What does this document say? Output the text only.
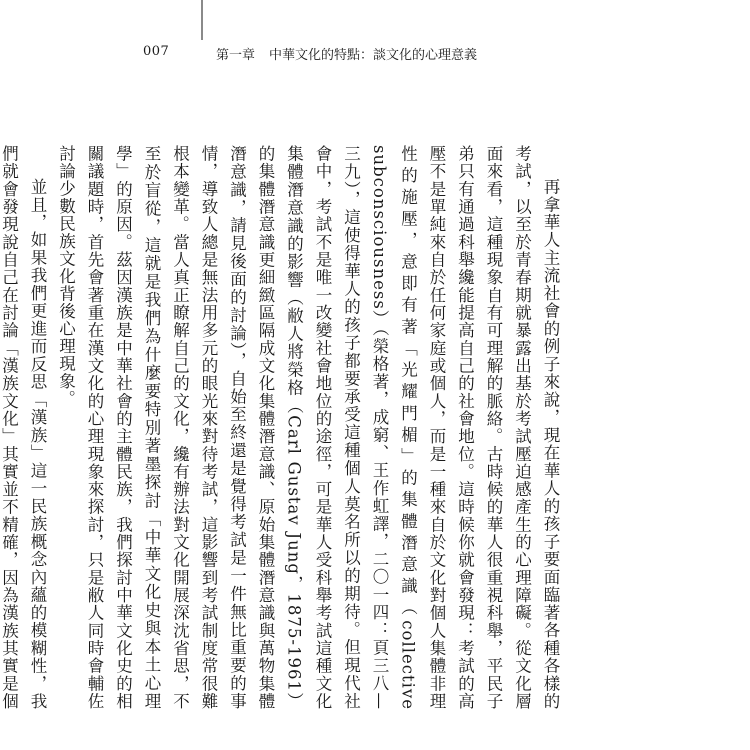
007	第一章 中華文化的特點：談文化的心理意義

再拿華人主流社會的例子來說，現在華人的孩子要面臨著各種各樣的考試，以至於青春期就暴露出基於考試壓迫感產生的心理障礙。從文化層面來看，這種現象自有可理解的脈絡。古時候的華人很重視科舉，平民子弟只有通過科舉纔能提高自己的社會地位。這時候你就會發現：考試的高壓不是單純來自於任何家庭或個人，而是一種來自於文化對個人集體非理性的施壓，意即有著「光耀門楣」的集體潛意識（collective subconsciousness）（榮格著，成窮、王作虹譯，二〇一四：頁三八—三九），這使得華人的孩子都要承受這種個人莫名所以的期待。但現代社會中，考試不是唯一改變社會地位的途徑，可是華人受科舉考試這種文化集體潛意識的影響（敝人將榮格（Carl Gustav Jung，1875-1961）的集體潛意識更細緻區隔成文化集體潛意識、原始集體潛意識與萬物集體潛意識，請見後面的討論），自始至終還是覺得考試是一件無比重要的事情，導致人總是無法用多元的眼光來對待考試，這影響到考試制度常很難根本變革。當人真正瞭解自己的文化，纔有辦法對文化開展深沈省思，不至於盲從，這就是我們為什麼要特別著墨探討「中華文化史與本土心理學」的原因。茲因漢族是中華社會的主體民族，我們探討中華文化史的相關議題時，首先會著重在漢文化的心理現象來探討，只是敝人同時會輔佐討論少數民族文化背後心理現象。

並且，如果我們更進而反思「漢族」這一民族概念內蘊的模糊性，我們就會發現說自己在討論「漢族文化」其實並不精確，因為漢族其實是個
